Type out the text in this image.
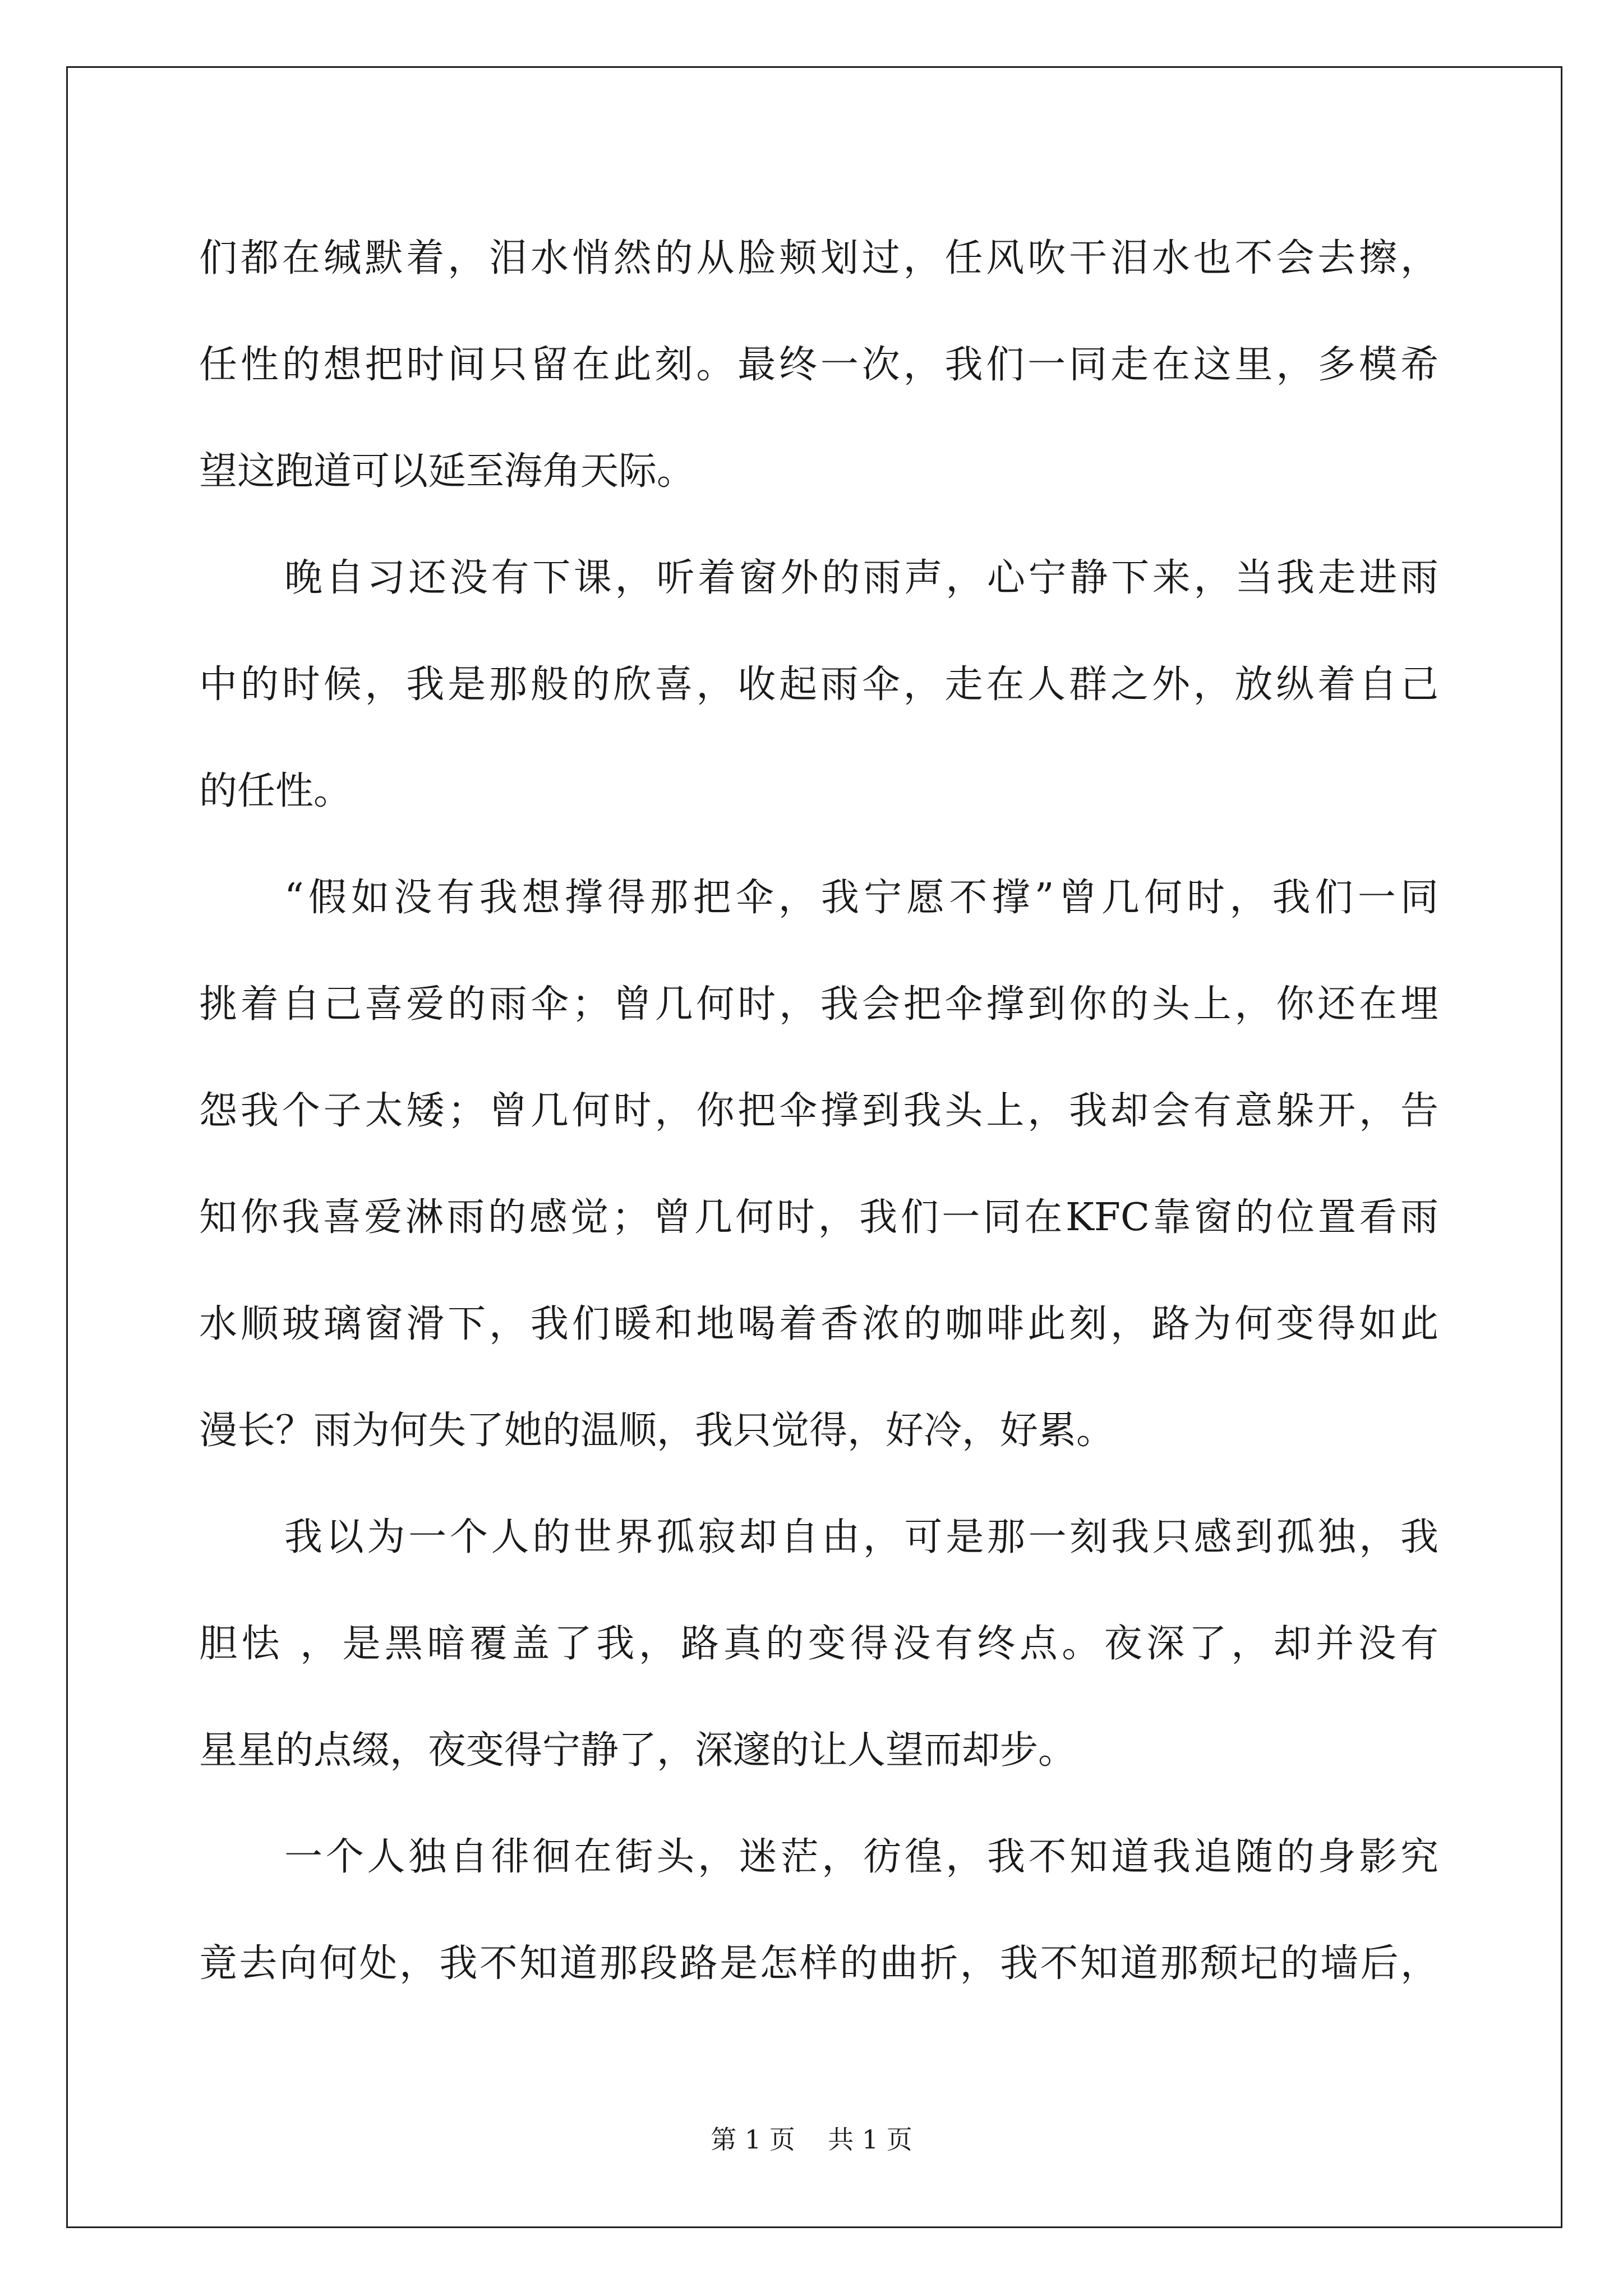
们都在缄默着，泪水悄然的从脸颊划过，任风吹干泪水也不会去擦，
任性的想把时间只留在此刻。最终一次，我们一同走在这里，多模希
望这跑道可以延至海角天际。
晚自习还没有下课，听着窗外的雨声，心宁静下来，当我走进雨
中的时候，我是那般的欣喜，收起雨伞，走在人群之外，放纵着自己
的任性。
“假如没有我想撑得那把伞，我宁愿不撑”曾几何时，我们一同
挑着自己喜爱的雨伞；曾几何时，我会把伞撑到你的头上，你还在埋
怨我个子太矮；曾几何时，你把伞撑到我头上，我却会有意躲开，告
知你我喜爱淋雨的感觉；曾几何时，我们一同在KFC靠窗的位置看雨
水顺玻璃窗滑下，我们暖和地喝着香浓的咖啡此刻，路为何变得如此
漫长？雨为何失了她的温顺，我只觉得，好冷，好累。
我以为一个人的世界孤寂却自由，可是那一刻我只感到孤独，我
胆怯 ，是黑暗覆盖了我，路真的变得没有终点。夜深了，却并没有
星星的点缀，夜变得宁静了，深邃的让人望而却步。
一个人独自徘徊在街头，迷茫，彷徨，我不知道我追随的身影究
竟去向何处，我不知道那段路是怎样的曲折，我不知道那颓圮的墙后，
第 1 页    共 1 页
